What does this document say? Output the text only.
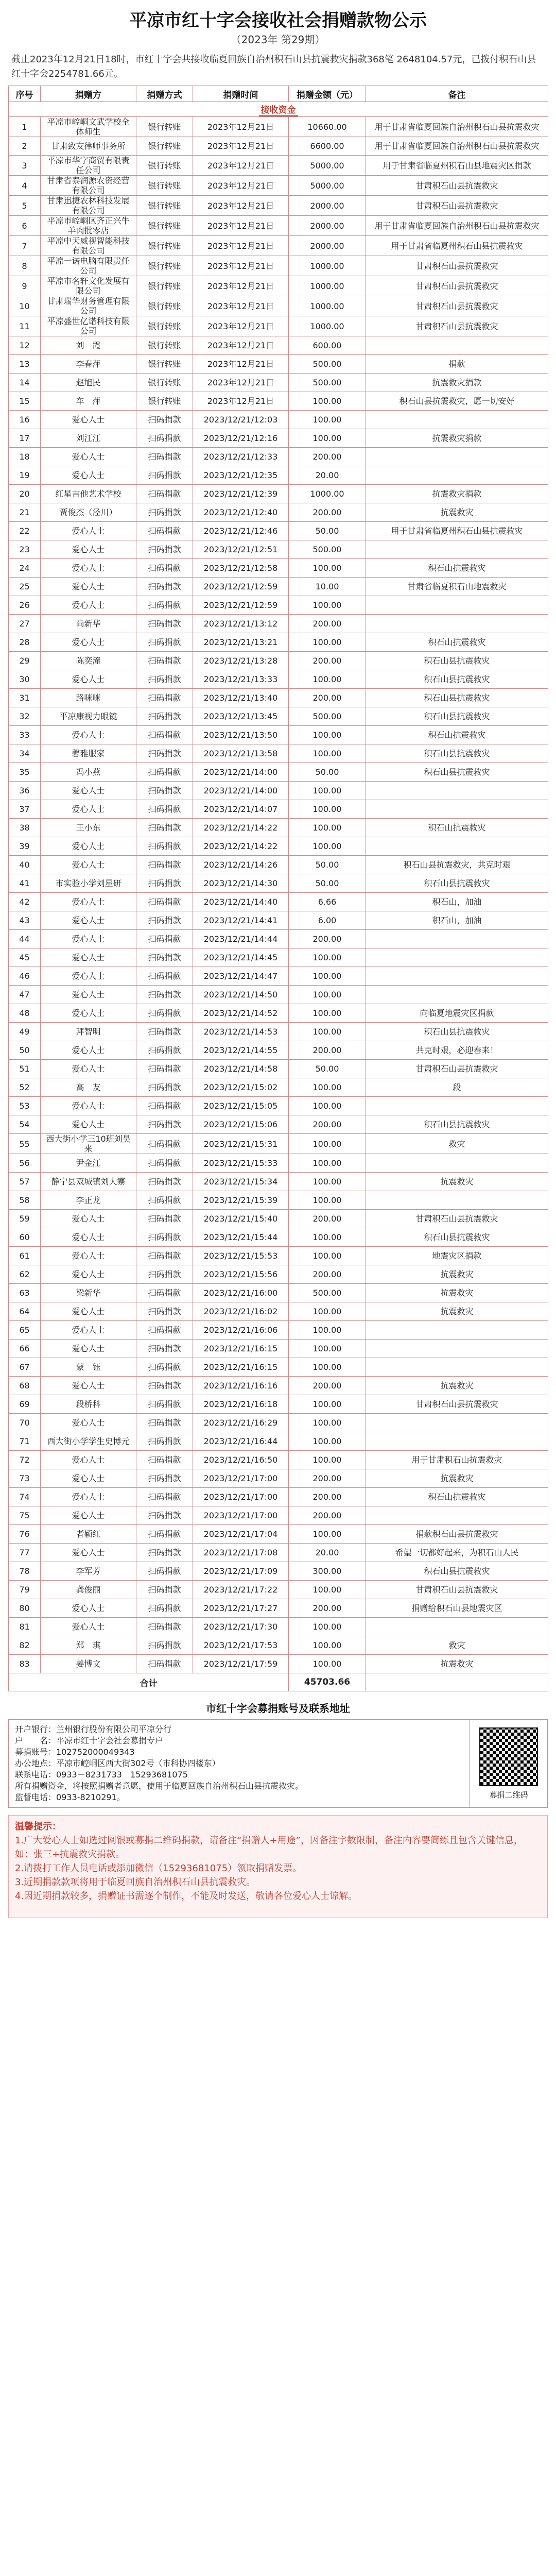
平凉市红十字会接收社会捐赠款物公示
（2023年 第29期）
截止2023年12月21日18时，市红十字会共接收临夏回族自治州积石山县抗震救灾捐款368笔 2648104.57元，已拨付积石山县红十字会2254781.66元。
序号	捐赠方	捐赠方式	捐赠时间	捐赠金额（元）	备注
接收资金					
1	平凉市崆峒文武学校全体师生	银行转账	2023年12月21日	10660.00	用于甘肃省临夏回族自治州积石山县抗震救灾
2	甘肃致友律师事务所	银行转账	2023年12月21日	6600.00	用于甘肃省临夏回族自治州积石山县抗震救灾
3	平凉市华字商贸有限责任公司	银行转账	2023年12月21日	5000.00	用于甘肃省临夏州积石山县地震灾区捐款
4	甘肃省泰润源农资经营有限公司	银行转账	2023年12月21日	5000.00	甘肃积石山县抗震救灾
5	甘肃迅捷农林科技发展有限公司	银行转账	2023年12月21日	2000.00	甘肃积石山县抗震救灾
6	平凉市崆峒区齐正兴牛羊肉批零店	银行转账	2023年12月21日	2000.00	用于甘肃省临夏回族自治州积石山县抗震救灾
7	平凉中天威视智能科技有限公司	银行转账	2023年12月21日	2000.00	用于甘肃省临夏州积石山县抗震救灾
8	平凉一诺电脑有限责任公司	银行转账	2023年12月21日	1000.00	甘肃积石山县抗震救灾
9	平凉市名轩文化发展有限公司	银行转账	2023年12月21日	1000.00	甘肃积石山县抗震救灾
10	甘肃瑞华财务管理有限公司	银行转账	2023年12月21日	1000.00	甘肃积石山县抗震救灾
11	平凉盛世亿诺科技有限公司	银行转账	2023年12月21日	1000.00	甘肃积石山县抗震救灾
12	刘　霞	银行转账	2023年12月21日	600.00	
13	李春萍	银行转账	2023年12月21日	500.00	捐款
14	赵旭民	银行转账	2023年12月21日	500.00	抗震救灾捐款
15	车　萍	银行转账	2023年12月21日	100.00	积石山县抗震救灾，愿一切安好
16	爱心人士	扫码捐款	2023/12/21/12:03	100.00	
17	刘江江	扫码捐款	2023/12/21/12:16	100.00	抗震救灾捐款
18	爱心人士	扫码捐款	2023/12/21/12:33	200.00	
19	爱心人士	扫码捐款	2023/12/21/12:35	20.00	
20	红星吉他艺术学校	扫码捐款	2023/12/21/12:39	1000.00	抗震救灾捐款
21	贾俊杰（泾川）	扫码捐款	2023/12/21/12:40	200.00	抗震救灾
22	爱心人士	扫码捐款	2023/12/21/12:46	50.00	用于甘肃省临夏州积石山县抗震救灾
23	爱心人士	扫码捐款	2023/12/21/12:51	500.00	
24	爱心人士	扫码捐款	2023/12/21/12:58	100.00	积石山抗震救灾
25	爱心人士	扫码捐款	2023/12/21/12:59	10.00	甘肃省临夏积石山地震救灾
26	爱心人士	扫码捐款	2023/12/21/12:59	100.00	
27	尚新华	扫码捐款	2023/12/21/13:12	200.00	
28	爱心人士	扫码捐款	2023/12/21/13:21	100.00	积石山抗震救灾
29	陈奕潼	扫码捐款	2023/12/21/13:28	200.00	积石山县抗震救灾
30	爱心人士	扫码捐款	2023/12/21/13:33	100.00	积石山县抗震救灾
31	路咪咪	扫码捐款	2023/12/21/13:40	200.00	积石山县抗震救灾
32	平凉康视力眼镜	扫码捐款	2023/12/21/13:45	500.00	积石山县抗震救灾
33	爱心人士	扫码捐款	2023/12/21/13:50	100.00	积石山抗震救灾
34	馨雅服家	扫码捐款	2023/12/21/13:58	100.00	积石山县抗震救灾
35	冯小燕	扫码捐款	2023/12/21/14:00	50.00	积石山县抗震救灾
36	爱心人士	扫码捐款	2023/12/21/14:00	100.00	
37	爱心人士	扫码捐款	2023/12/21/14:07	100.00	
38	王小东	扫码捐款	2023/12/21/14:22	100.00	积石山抗震救灾
39	爱心人士	扫码捐款	2023/12/21/14:22	100.00	
40	爱心人士	扫码捐款	2023/12/21/14:26	50.00	积石山县抗震救灾，共克时艰
41	市实验小学刘星研	扫码捐款	2023/12/21/14:30	50.00	积石山县抗震救灾
42	爱心人士	扫码捐款	2023/12/21/14:40	6.66	积石山，加油
43	爱心人士	扫码捐款	2023/12/21/14:41	6.00	积石山，加油
44	爱心人士	扫码捐款	2023/12/21/14:44	200.00	
45	爱心人士	扫码捐款	2023/12/21/14:45	100.00	
46	爱心人士	扫码捐款	2023/12/21/14:47	100.00	
47	爱心人士	扫码捐款	2023/12/21/14:50	100.00	
48	爱心人士	扫码捐款	2023/12/21/14:52	100.00	向临夏地震灾区捐款
49	拜智明	扫码捐款	2023/12/21/14:53	100.00	积石山县抗震救灾
50	爱心人士	扫码捐款	2023/12/21/14:55	200.00	共克时艰，必迎春来！
51	爱心人士	扫码捐款	2023/12/21/14:58	50.00	甘肃积石山县抗震救灾
52	高　友	扫码捐款	2023/12/21/15:02	100.00	段
53	爱心人士	扫码捐款	2023/12/21/15:05	100.00	
54	爱心人士	扫码捐款	2023/12/21/15:06	200.00	积石山县抗震救灾
55	西大街小学三10班刘昊来	扫码捐款	2023/12/21/15:31	100.00	救灾
56	尹金江	扫码捐款	2023/12/21/15:33	100.00	
57	静宁县双城镇刘大寨	扫码捐款	2023/12/21/15:34	100.00	抗震救灾
58	李正龙	扫码捐款	2023/12/21/15:39	100.00	
59	爱心人士	扫码捐款	2023/12/21/15:40	200.00	甘肃积石山县抗震救灾
60	爱心人士	扫码捐款	2023/12/21/15:44	100.00	积石山县抗震救灾
61	爱心人士	扫码捐款	2023/12/21/15:53	100.00	地震灾区捐款
62	爱心人士	扫码捐款	2023/12/21/15:56	200.00	抗震救灾
63	梁新华	扫码捐款	2023/12/21/16:00	500.00	抗震救灾
64	爱心人士	扫码捐款	2023/12/21/16:02	100.00	抗震救灾
65	爱心人士	扫码捐款	2023/12/21/16:06	100.00	
66	爱心人士	扫码捐款	2023/12/21/16:15	100.00	
67	蒙　钰	扫码捐款	2023/12/21/16:15	100.00	
68	爱心人士	扫码捐款	2023/12/21/16:16	200.00	抗震救灾
69	段桥科	扫码捐款	2023/12/21/16:18	100.00	甘肃积石山县抗震救灾
70	爱心人士	扫码捐款	2023/12/21/16:29	100.00	
71	西大街小学学生史博元	扫码捐款	2023/12/21/16:44	100.00	
72	爱心人士	扫码捐款	2023/12/21/16:50	100.00	用于甘肃积石山抗震救灾
73	爱心人士	扫码捐款	2023/12/21/17:00	200.00	抗震救灾
74	爱心人士	扫码捐款	2023/12/21/17:00	200.00	积石山抗震救灾
75	爱心人士	扫码捐款	2023/12/21/17:00	200.00	
76	者颖红	扫码捐款	2023/12/21/17:04	100.00	捐款积石山县抗震救灾
77	爱心人士	扫码捐款	2023/12/21/17:08	20.00	希望一切都好起来，为积石山人民
78	李军芳	扫码捐款	2023/12/21/17:09	300.00	积石山县抗震救灾
79	龚俊丽	扫码捐款	2023/12/21/17:22	100.00	甘肃积石山县抗震救灾
80	爱心人士	扫码捐款	2023/12/21/17:27	200.00	捐赠给积石山县地震灾区
81	爱心人士	扫码捐款	2023/12/21/17:30	100.00	
82	郑　琪	扫码捐款	2023/12/21/17:53	100.00	救灾
83	姜博文	扫码捐款	2023/12/21/17:59	100.00	抗震救灾
合计				45703.66	
市红十字会募捐账号及联系地址
开户银行：兰州银行股份有限公司平凉分行
户　　名：平凉市红十字会社会募捐专户
募捐账号：102752000049343
办公地点：平凉市崆峒区西大街302号（市科协四楼东）
联系电话：0933－8231733　15293681075
所有捐赠资金，将按照捐赠者意愿，使用于临夏回族自治州积石山县抗震救灾。
监督电话：0933-8210291。	募捐二维码
温馨提示：
1.广大爱心人士如选过网银或募捐二维码捐款，请备注“捐赠人+用途”，因备注字数限制，备注内容要简练且包含关键信息，如：张三+抗震救灾捐款。
2.请拨打工作人员电话或添加微信（15293681075）领取捐赠发票。
3.近期捐款款项将用于临夏回族自治州积石山县抗震救灾。
4.因近期捐款较多，捐赠证书需逐个制作，不能及时发送，敬请各位爱心人士谅解。
